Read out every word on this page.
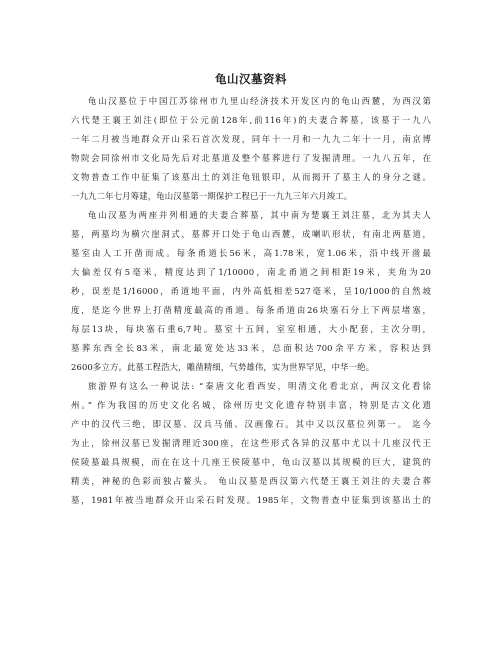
龟山汉墓资料
龟山汉墓位于中国江苏徐州市九里山经济技术开发区内的龟山西麓，为西汉第
六代楚王襄王刘注(即位于公元前128年,前116年)的夫妻合葬墓，该墓于一九八
一年二月被当地群众开山采石首次发现，同年十一月和一九九二年十一月，南京博
物院会同徐州市文化局先后对北墓道及整个墓葬进行了发掘清理。一九八五年，在
文物普查工作中征集了该墓出土的刘注龟钮银印，从而揭开了墓主人的身分之谜。
一九九二年七月筹建，龟山汉墓第一期保护工程已于一九九三年六月竣工。
龟山汉墓为两座并列相通的夫妻合葬墓，其中南为楚襄王刘注墓，北为其夫人
墓，两墓均为横穴崖洞式，墓葬开口处于龟山西麓，成喇叭形状，有南北两墓道，
墓室由人工开凿而成。每条甬道长56米，高1.78米，宽1.06米，沿中线开凿最
大偏差仅有5毫米，精度达到了1/10000，南北甬道之间相距19米，夹角为20
秒，误差是1/16000，甬道地平面，内外高低相差527毫米，呈10/1000的自然坡
度，是迄今世界上打凿精度最高的甬道。每条甬道由26块塞石分上下两层堵塞，
每层13块，每块塞石重6,7吨。墓室十五间，室室相通，大小配套，主次分明，
墓葬东西全长83米，南北最宽处达33米，总面积达700余平方米，容积达到
2600多立方。此墓工程浩大，雕凿精细，气势雄伟，实为世界罕见，中华一绝。
旅游界有这么一种说法: “秦唐文化看西安，明清文化看北京，两汉文化看徐
州。” 作为我国的历史文化名城，徐州历史文化遗存特别丰富，特别是古文化遗
产中的汉代三绝，即汉墓、汉兵马俑、汉画像石。其中又以汉墓位列第一。 迄今
为止，徐州汉墓已发掘清理近300座，在这些形式各异的汉墓中尤以十几座汉代王
侯陵墓最具规模，而在在这十几座王侯陵墓中，龟山汉墓以其规模的巨大，建筑的
精美，神秘的色彩而独占鳌头。 龟山汉墓是西汉第六代楚王襄王刘注的夫妻合葬
墓，1981年被当地群众开山采石时发现。1985年，文物普查中征集到该墓出土的
